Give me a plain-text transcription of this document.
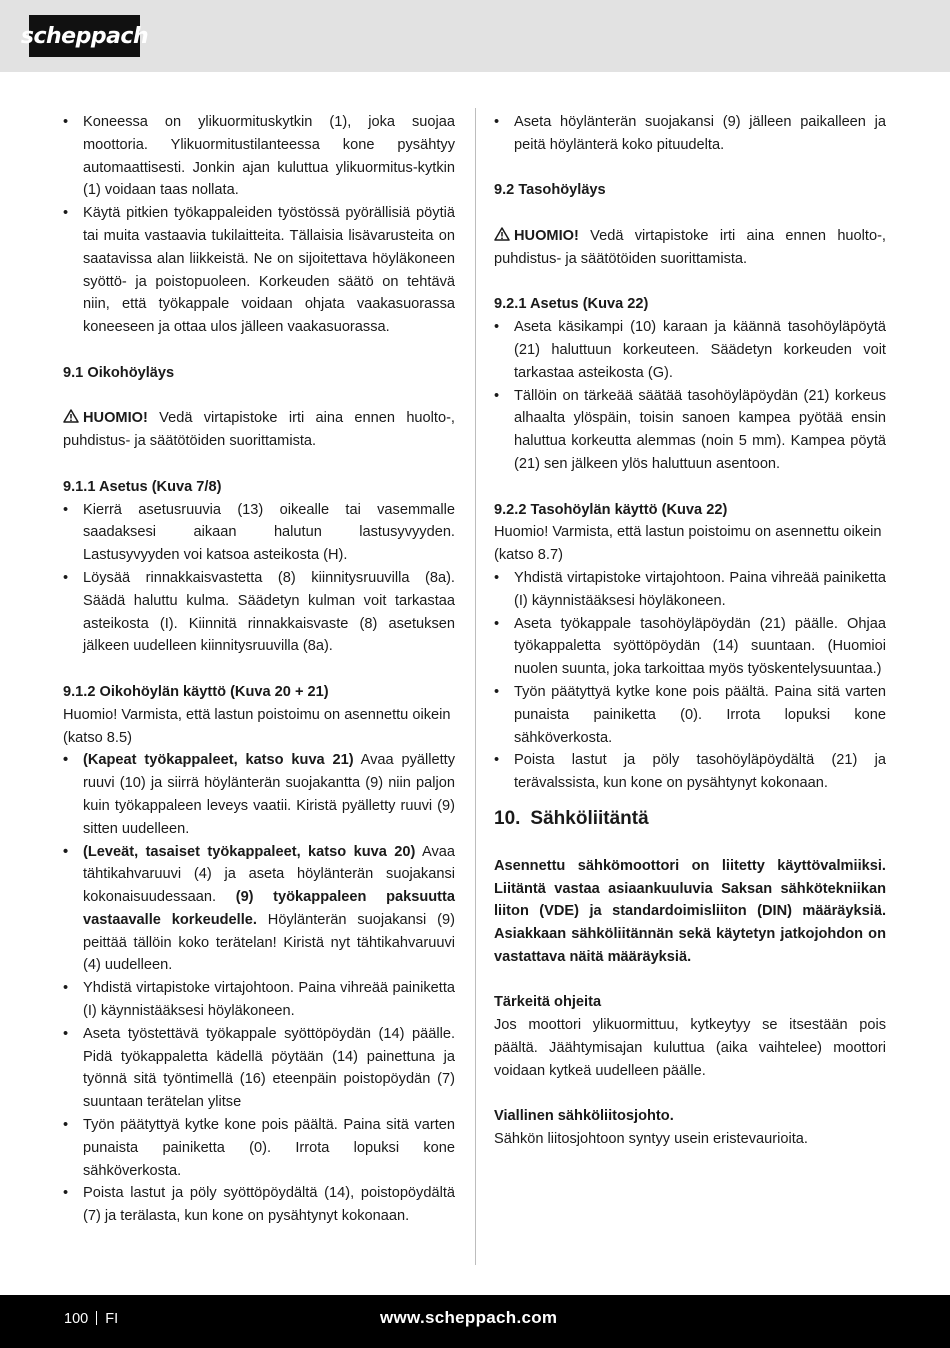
scheppach
• Koneessa on ylikuormituskytkin (1), joka suojaa moottoria. Ylikuormitustilanteessa kone pysähtyy automaattisesti. Jonkin ajan kuluttua ylikuormitus-kytkin (1) voidaan taas nollata.
• Käytä pitkien työkappaleiden työstössä pyörällisiä pöytiä tai muita vastaavia tukilaitteita. Tällaisia lisävarusteita on saatavissa alan liikkeistä. Ne on sijoitettava höyläkoneen syöttö- ja poistopuoleen. Korkeuden säätö on tehtävä niin, että työkappale voidaan ohjata vaakasuorassa koneeseen ja ottaa ulos jälleen vaakasuorassa.

9.1 Oikohöyläys

HUOMIO! Vedä virtapistoke irti aina ennen huolto-, puhdistus- ja säätötöiden suorittamista.

9.1.1 Asetus (Kuva 7/8)

• Kierrä asetusruuvia (13) oikealle tai vasemmalle saadaksesi aikaan halutun lastusyvyyden. Lastusyvyyden voi katsoa asteikosta (H).
• Löysää rinnakkaisvastetta (8) kiinnitysruuvilla (8a). Säädä haluttu kulma. Säädetyn kulman voit tarkastaa asteikosta (I). Kiinnitä rinnakkaisvaste (8) asetuksen jälkeen uudelleen kiinnitysruuvilla (8a).

9.1.2 Oikohöylän käyttö (Kuva 20 + 21)

Huomio! Varmista, että lastun poistoimu on asennettu oikein (katso 8.5)

• (Kapeat työkappaleet, katso kuva 21) Avaa pyälletty ruuvi (10) ja siirrä höylänterän suojakantta (9) niin paljon kuin työkappaleen leveys vaatii. Kiristä pyälletty ruuvi (9) sitten uudelleen.
• (Leveät, tasaiset työkappaleet, katso kuva 20) Avaa tähtikahvaruuvi (4) ja aseta höylänterän suojakansi kokonaisuudessaan. (9) työkappaleen paksuutta vastaavalle korkeudelle. Höylänterän suojakansi (9) peittää tällöin koko terätelan! Kiristä nyt tähtikahvaruuvi (4) uudelleen.
• Yhdistä virtapistoke virtajohtoon. Paina vihreää painiketta (I) käynnistääksesi höyläkoneen.
• Aseta työstettävä työkappale syöttöpöydän (14) päälle. Pidä työkappaletta kädellä pöytään (14) painettuna ja työnnä sitä työntimellä (16) eteenpäin poistopöydän (7) suuntaan terätelan ylitse
• Työn päätyttyä kytke kone pois päältä. Paina sitä varten punaista painiketta (0). Irrota lopuksi kone sähköverkosta.
• Poista lastut ja pöly syöttöpöydältä (14), poistopöydältä (7) ja terälasta, kun kone on pysähtynyt kokonaan.
• Aseta höylänterän suojakansi (9) jälleen paikalleen ja peitä höylänterä koko pituudelta.

9.2 Tasohöyläys

HUOMIO! Vedä virtapistoke irti aina ennen huolto-, puhdistus- ja säätötöiden suorittamista.

9.2.1 Asetus (Kuva 22)

• Aseta käsikampi (10) karaan ja käännä tasohöyläpöytä (21) haluttuun korkeuteen. Säädetyn korkeuden voit tarkastaa asteikosta (G).
• Tällöin on tärkeää säätää tasohöyläpöydän (21) korkeus alhaalta ylöspäin, toisin sanoen kampea pyötää ensin haluttua korkeutta alemmas (noin 5 mm). Kampea pöytä (21) sen jälkeen ylös haluttuun asentoon.

9.2.2 Tasohöylän käyttö (Kuva 22)

Huomio! Varmista, että lastun poistoimu on asennettu oikein (katso 8.7)

• Yhdistä virtapistoke virtajohtoon. Paina vihreää painiketta (I) käynnistääksesi höyläkoneen.
• Aseta työkappale tasohöyläpöydän (21) päälle. Ohjaa työkappaletta syöttöpöydän (14) suuntaan. (Huomioi nuolen suunta, joka tarkoittaa myös työskentelysuuntaa.)
• Työn päätyttyä kytke kone pois päältä. Paina sitä varten punaista painiketta (0). Irrota lopuksi kone sähköverkosta.
• Poista lastut ja pöly tasohöyläpöydältä (21) ja terävalssista, kun kone on pysähtynyt kokonaan.

10. Sähköliitäntä

Asennettu sähkömoottori on liitetty käyttövalmiiksi. Liitäntä vastaa asiaankuuluvia Saksan sähkötekniikan liiton (VDE) ja standardoimisliiton (DIN) määräyksiä. Asiakkaan sähköliitännän sekä käytetyn jatkojohdon on vastattava näitä määräyksiä.

Tärkeitä ohjeita

Jos moottori ylikuormittuu, kytkeytyy se itsestään pois päältä. Jäähtymisajan kuluttua (aika vaihtelee) moottori voidaan kytkeä uudelleen päälle.

Viallinen sähköliitosjohto.

Sähkön liitosjohtoon syntyy usein eristevaurioita.

100 FI	www.scheppach.com
